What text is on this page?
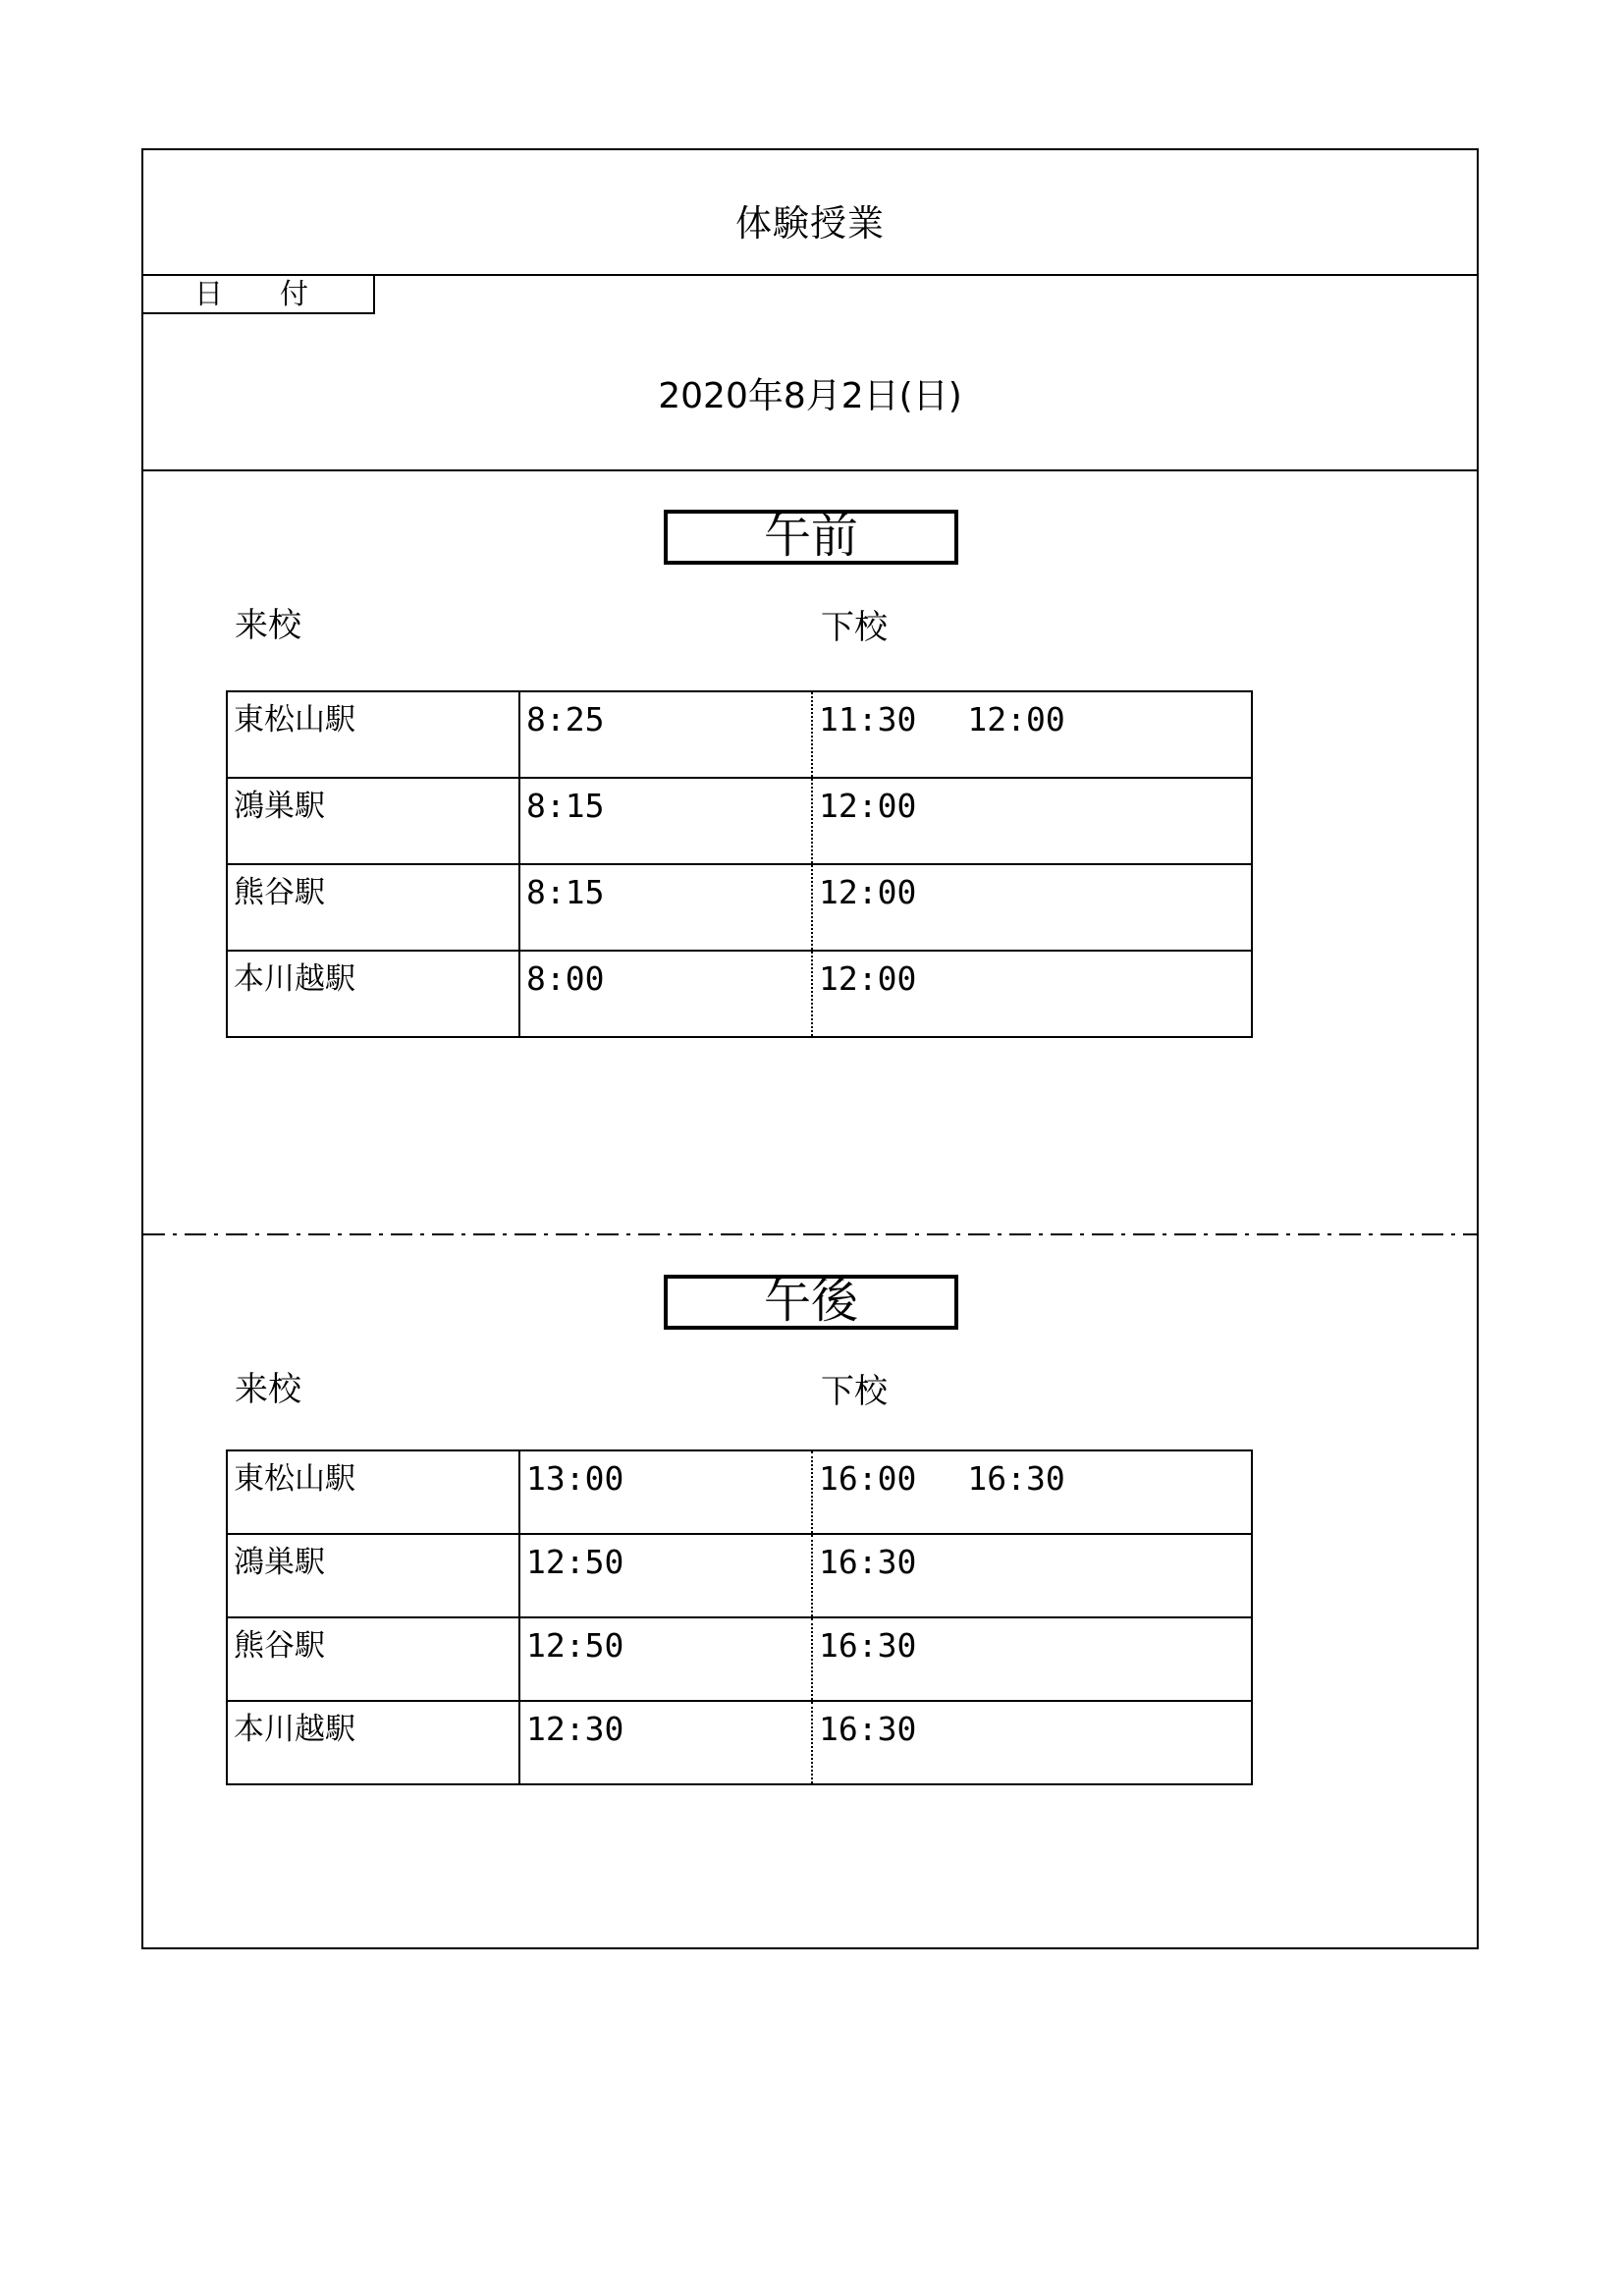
体験授業
日 付
2020年8月2日(日)
午前
来校	下校
東松山駅	8:25	11:30 12:00
鴻巣駅	8:15	12:00
熊谷駅	8:15	12:00
本川越駅	8:00	12:00
午後
来校	下校
東松山駅	13:00	16:00 16:30
鴻巣駅	12:50	16:30
熊谷駅	12:50	16:30
本川越駅	12:30	16:30
